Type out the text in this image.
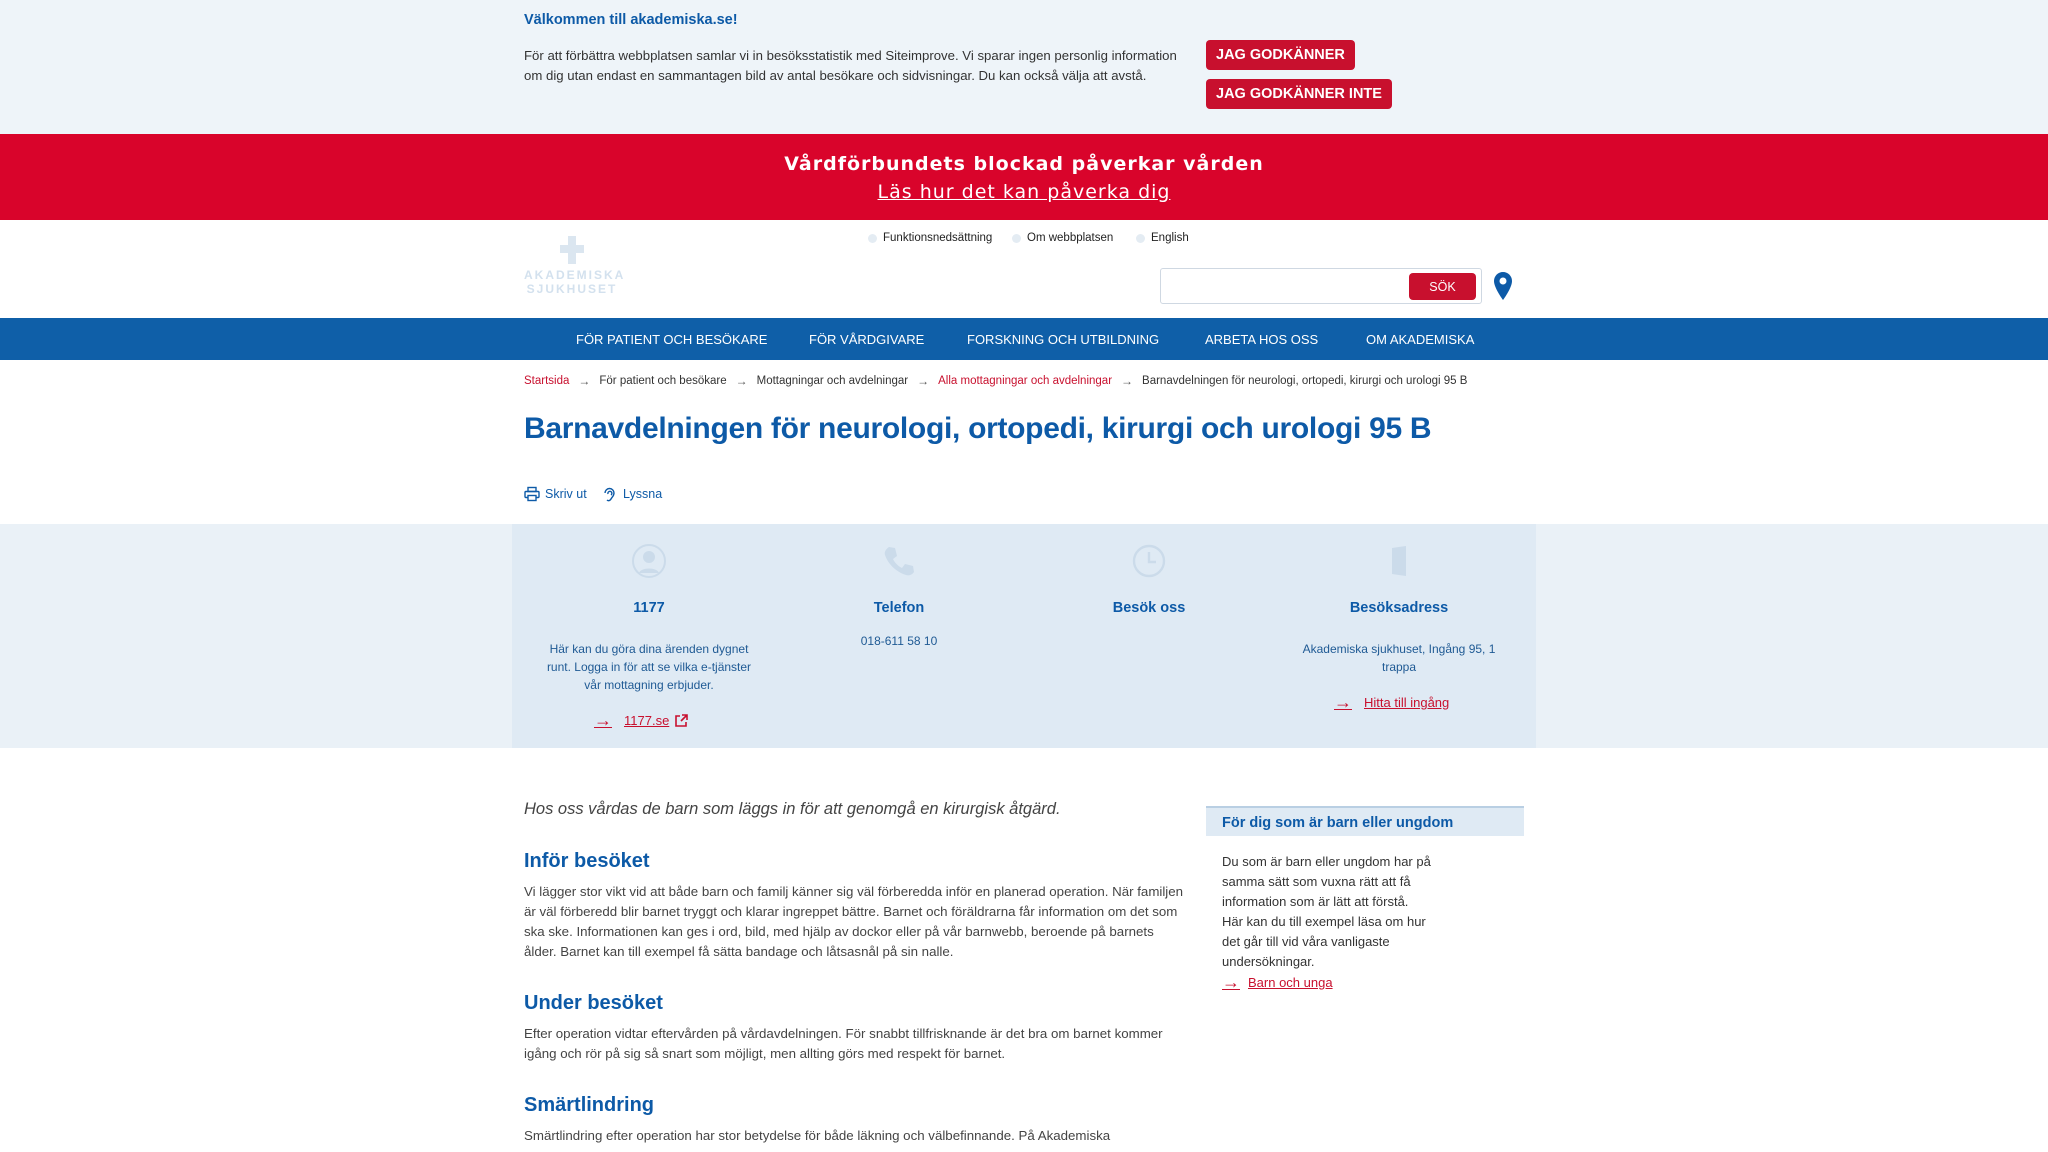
Välkommen till akademiska.se!
För att förbättra webbplatsen samlar vi in besöksstatistik med Siteimprove. Vi sparar ingen personlig information om dig utan endast en sammantagen bild av antal besökare och sidvisningar. Du kan också välja att avstå.
JAG GODKÄNNER
JAG GODKÄNNER INTE
Vårdförbundets blockad påverkar vården
Läs hur det kan påverka dig
AKADEMISKA
SJUKHUSET
Funktionsnedsättning	Om webbplatsen	English
SÖK
FÖR PATIENT OCH BESÖKARE	FÖR VÅRDGIVARE	FORSKNING OCH UTBILDNING	ARBETA HOS OSS	OM AKADEMISKA
Startsida → För patient och besökare → Mottagningar och avdelningar → Alla mottagningar och avdelningar → Barnavdelningen för neurologi, ortopedi, kirurgi och urologi 95 B
Barnavdelningen för neurologi, ortopedi, kirurgi och urologi 95 B
Skriv ut	Lyssna
1177
Här kan du göra dina ärenden dygnet runt. Logga in för att se vilka e-tjänster vår mottagning erbjuder.
→ 1177.se
Telefon
018-611 58 10
Besök oss	Besöksadress
Akademiska sjukhuset, Ingång 95, 1 trappa
→ Hitta till ingång
Hos oss vårdas de barn som läggs in för att genomgå en kirurgisk åtgärd.
Inför besöket
Vi lägger stor vikt vid att både barn och familj känner sig väl förberedda inför en planerad operation. När familjen är väl förberedd blir barnet tryggt och klarar ingreppet bättre. Barnet och föräldrarna får information om det som ska ske. Informationen kan ges i ord, bild, med hjälp av dockor eller på vår barnwebb, beroende på barnets ålder. Barnet kan till exempel få sätta bandage och låtsasnål på sin nalle.
Under besöket
Efter operation vidtar eftervården på vårdavdelningen. För snabbt tillfrisknande är det bra om barnet kommer igång och rör på sig så snart som möjligt, men allting görs med respekt för barnet.
Smärtlindring
Smärtlindring efter operation har stor betydelse för både läkning och välbefinnande. På Akademiska
För dig som är barn eller ungdom
Du som är barn eller ungdom har på samma sätt som vuxna rätt att få information som är lätt att förstå. Här kan du till exempel läsa om hur det går till vid våra vanligaste undersökningar.
→ Barn och unga
